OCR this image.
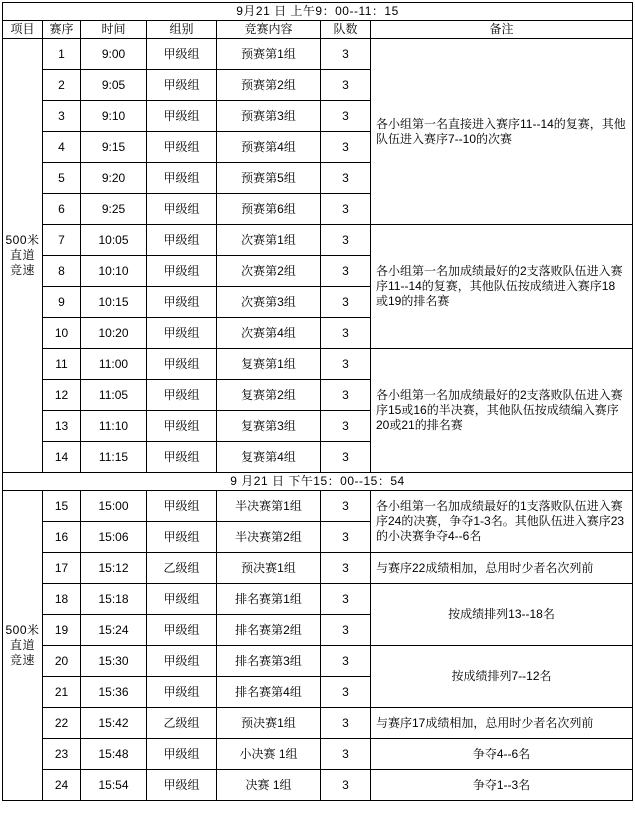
9月21 日 上午9：00--11：15						
项目	赛序	时间	组别	竞赛内容	队数	备注
500米直道竞速	1	9:00	甲级组	预赛第1组	3	各小组第一名直接进入赛序11--14的复赛，其他队伍进入赛序7--10的次赛
	2	9:05	甲级组	预赛第2组	3	
	3	9:10	甲级组	预赛第3组	3	
	4	9:15	甲级组	预赛第4组	3	
	5	9:20	甲级组	预赛第5组	3	
	6	9:25	甲级组	预赛第6组	3	
	7	10:05	甲级组	次赛第1组	3	各小组第一名加成绩最好的2支落败队伍进入赛序11--14的复赛，其他队伍按成绩进入赛序18或19的排名赛
	8	10:10	甲级组	次赛第2组	3	
	9	10:15	甲级组	次赛第3组	3	
	10	10:20	甲级组	次赛第4组	3	
	11	11:00	甲级组	复赛第1组	3	各小组第一名加成绩最好的2支落败队伍进入赛序15或16的半决赛，其他队伍按成绩编入赛序20或21的排名赛
	12	11:05	甲级组	复赛第2组	3	
	13	11:10	甲级组	复赛第3组	3	
	14	11:15	甲级组	复赛第4组	3	
9 月21 日 下午15：00--15：54						
500米直道竞速	15	15:00	甲级组	半决赛第1组	3	各小组第一名加成绩最好的1支落败队伍进入赛序24的决赛，争夺1-3名。其他队伍进入赛序23的小决赛争夺4--6名
	16	15:06	甲级组	半决赛第2组	3	
	17	15:12	乙级组	预决赛1组	3	与赛序22成绩相加，总用时少者名次列前
	18	15:18	甲级组	排名赛第1组	3	按成绩排列13--18名
	19	15:24	甲级组	排名赛第2组	3	
	20	15:30	甲级组	排名赛第3组	3	按成绩排列7--12名
	21	15:36	甲级组	排名赛第4组	3	
	22	15:42	乙级组	预决赛1组	3	与赛序17成绩相加，总用时少者名次列前
	23	15:48	甲级组	小决赛 1组	3	争夺4--6名
	24	15:54	甲级组	决赛 1组	3	争夺1--3名
